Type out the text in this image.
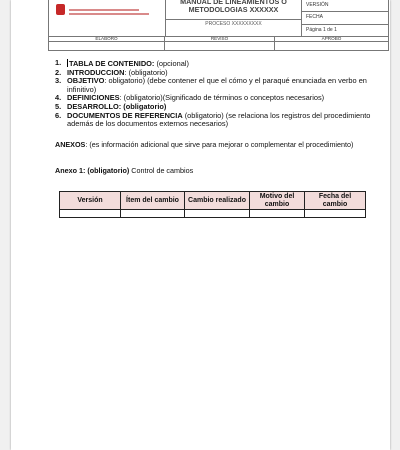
MANUAL DE LINEAMIENTOS O
METODOLOGIAS XXXXXX
PROCESO XXXXXXXXX
VERSIÓN
FECHA
Página 1 de 1
ELABORO	REVISO	APROBO
1. TABLA DE CONTENIDO: (opcional)
2. INTRODUCCION: (obligatorio)
3. OBJETIVO: obligatorio) (debe contener el que el cómo y el paraqué enunciada en verbo en infinitivo)
4. DEFINICIONES: (obligatorio)(Significado de términos o conceptos necesarios)
5. DESARROLLO: (obligatorio)
6. DOCUMENTOS DE REFERENCIA (obligatorio) (se relaciona los registros del procedimiento además de los documentos externos necesarios)
ANEXOS: (es información adicional que sirve para mejorar o complementar el procedimiento)
Anexo 1: (obligatorio) Control de cambios
Versión	Ítem del cambio	Cambio realizado	Motivo del cambio	Fecha del cambio
